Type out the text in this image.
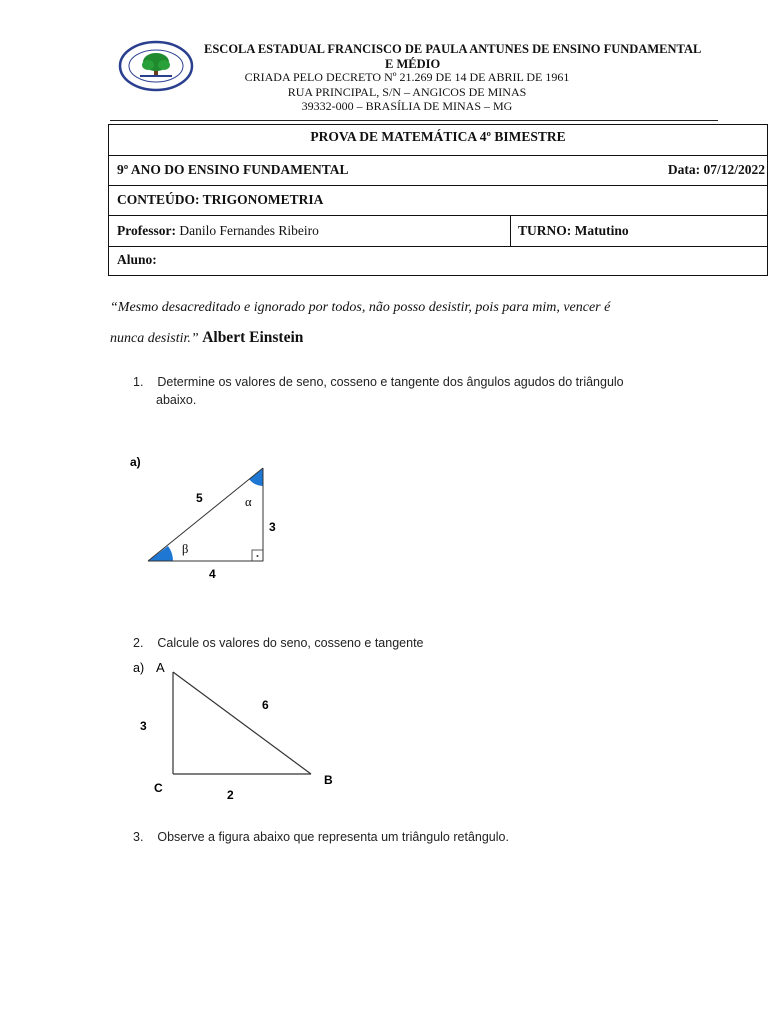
ESCOLA ESTADUAL FRANCISCO DE PAULA ANTUNES DE ENSINO FUNDAMENTAL
E MÉDIO
CRIADA PELO DECRETO Nº 21.269 DE 14 DE ABRIL DE 1961
RUA PRINCIPAL, S/N – ANGICOS DE MINAS
39332-000 – BRASÍLIA DE MINAS – MG
PROVA DE MATEMÁTICA 4º BIMESTRE
9º ANO DO ENSINO FUNDAMENTAL	Data: 07/12/2022
CONTEÚDO: TRIGONOMETRIA
Professor: Danilo Fernandes Ribeiro	TURNO: Matutino
Aluno:
“Mesmo desacreditado e ignorado por todos, não posso desistir, pois para mim, vencer é
nunca desistir.” Albert Einstein
1. Determine os valores de seno, cosseno e tangente dos ângulos agudos do triângulo
abaixo.
a)
5
3
4
α
β
2. Calcule os valores do seno, cosseno e tangente
a) A
3
6
2
C
B
3. Observe a figura abaixo que representa um triângulo retângulo.
